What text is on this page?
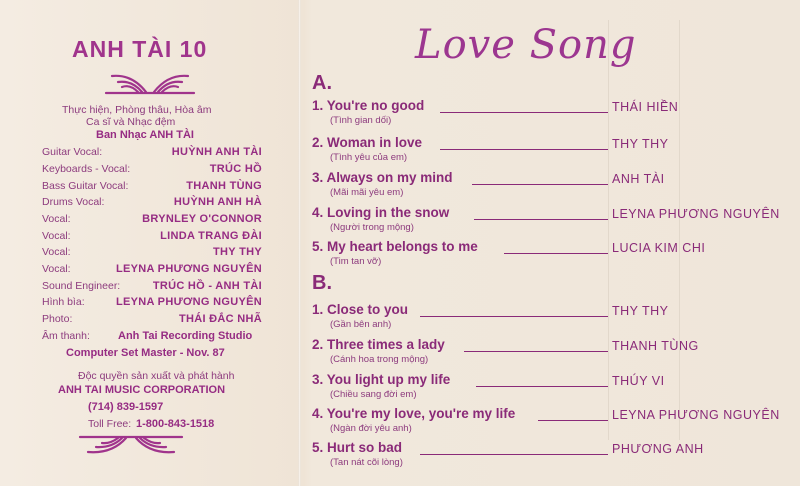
ANH TÀI 10
Thực hiện, Phòng thâu, Hòa âm
Ca sĩ và Nhạc đệm
Ban Nhạc ANH TÀI
Guitar Vocal:	HUỲNH ANH TÀI
Keyboards - Vocal:	TRÚC HỒ
Bass Guitar Vocal:	THANH TÙNG
Drums Vocal:	HUỲNH ANH HÀ
Vocal:	BRYNLEY O'CONNOR
Vocal:	LINDA TRANG ĐÀI
Vocal:	THY THY
Vocal:	LEYNA PHƯƠNG NGUYÊN
Sound Engineer:	TRÚC HỒ - ANH TÀI
Hình bìa:	LEYNA PHƯƠNG NGUYÊN
Photo:	THÁI ĐẮC NHÃ
Âm thanh:	Anh Tai Recording Studio
Computer Set Master - Nov. 87
Độc quyền sản xuất và phát hành
ANH TAI MUSIC CORPORATION
(714) 839-1597
Toll Free: 1-800-843-1518
Love Song
A.
1. You're no good	THÁI HIỀN
(Tình gian dối)
2. Woman in love	THY THY
(Tình yêu của em)
3. Always on my mind	ANH TÀI
(Mãi mãi yêu em)
4. Loving in the snow	LEYNA PHƯƠNG NGUYÊN
(Người trong mộng)
5. My heart belongs to me	LUCIA KIM CHI
(Tim tan vỡ)
B.
1. Close to you	THY THY
(Gần bên anh)
2. Three times a lady	THANH TÙNG
(Cánh hoa trong mộng)
3. You light up my life	THÚY VI
(Chiều sang đời em)
4. You're my love, you're my life	LEYNA PHƯƠNG NGUYÊN
(Ngàn đời yêu anh)
5. Hurt so bad	PHƯƠNG ANH
(Tan nát cõi lòng)
